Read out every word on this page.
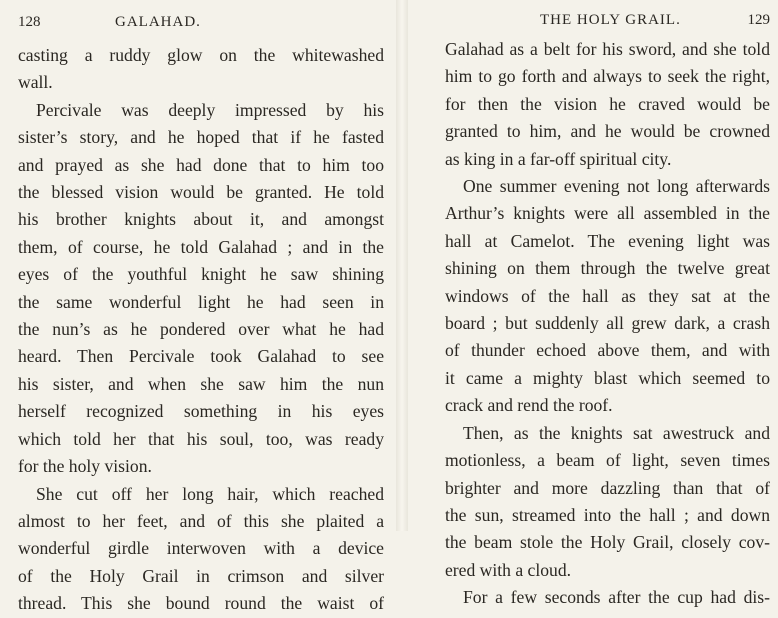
128	GALAHAD.
casting a ruddy glow on the whitewashed
wall.
Percivale was deeply impressed by his
sister’s story, and he hoped that if he fasted
and prayed as she had done that to him too
the blessed vision would be granted. He told
his brother knights about it, and amongst
them, of course, he told Galahad ; and in the
eyes of the youthful knight he saw shining
the same wonderful light he had seen in
the nun’s as he pondered over what he had
heard. Then Percivale took Galahad to see
his sister, and when she saw him the nun
herself recognized something in his eyes
which told her that his soul, too, was ready
for the holy vision.
She cut off her long hair, which reached
almost to her feet, and of this she plaited a
wonderful girdle interwoven with a device
of the Holy Grail in crimson and silver
thread. This she bound round the waist of
THE HOLY GRAIL.	129
Galahad as a belt for his sword, and she told
him to go forth and always to seek the right,
for then the vision he craved would be
granted to him, and he would be crowned
as king in a far-off spiritual city.
One summer evening not long afterwards
Arthur’s knights were all assembled in the
hall at Camelot. The evening light was
shining on them through the twelve great
windows of the hall as they sat at the
board ; but suddenly all grew dark, a crash
of thunder echoed above them, and with
it came a mighty blast which seemed to
crack and rend the roof.
Then, as the knights sat awestruck and
motionless, a beam of light, seven times
brighter and more dazzling than that of
the sun, streamed into the hall ; and down
the beam stole the Holy Grail, closely cov-
ered with a cloud.
For a few seconds after the cup had dis-
